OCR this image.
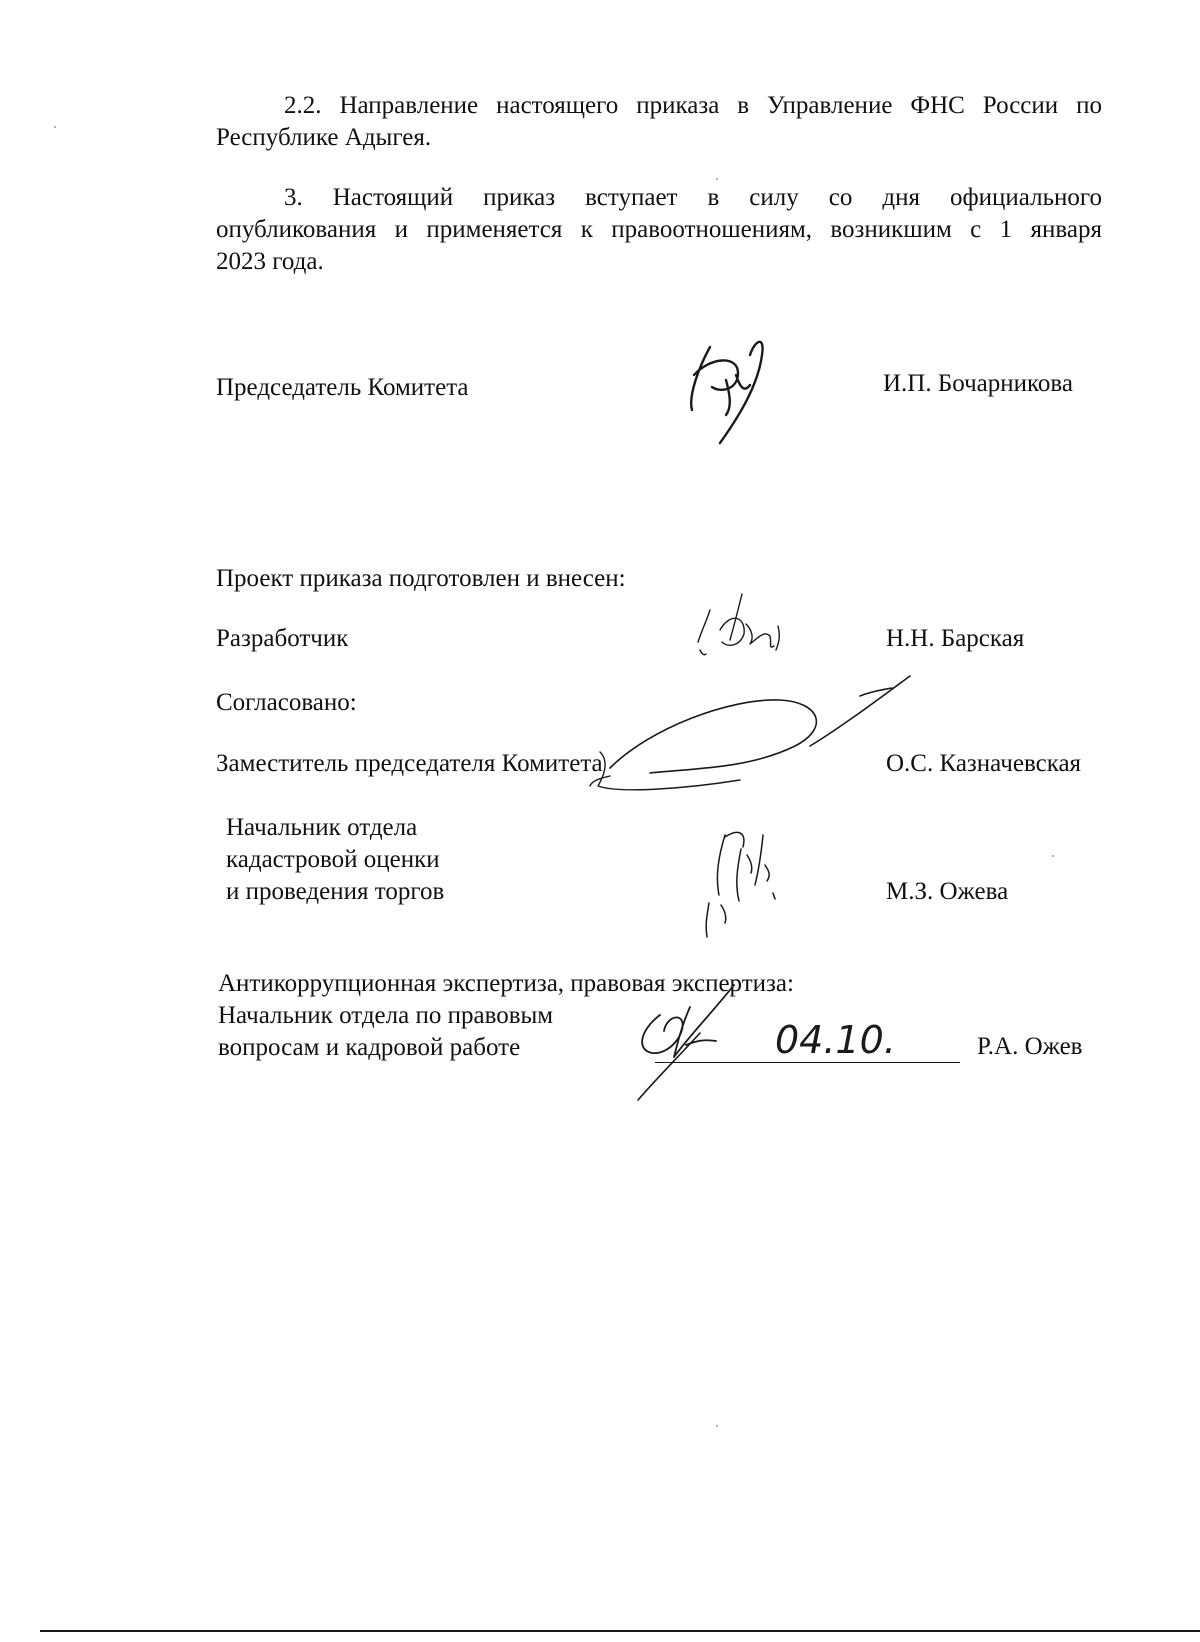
2.2. Направление настоящего приказа в Управление ФНС России по Республике Адыгея.

3. Настоящий приказ вступает в силу со дня официального
опубликования и применяется к правоотношениям, возникшим с 1 января
2023 года.

Председатель Комитета	И.П. Бочарникова

Проект приказа подготовлен и внесен:

Разработчик	Н.Н. Барская

Согласовано:

Заместитель председателя Комитета	О.С. Казначевская

Начальник отдела
кадастровой оценки
и проведения торгов	М.З. Ожева

Антикоррупционная экспертиза, правовая экспертиза:

Начальник отдела по правовым
вопросам и кадровой работе	Р.А. Ожев

04.10.
